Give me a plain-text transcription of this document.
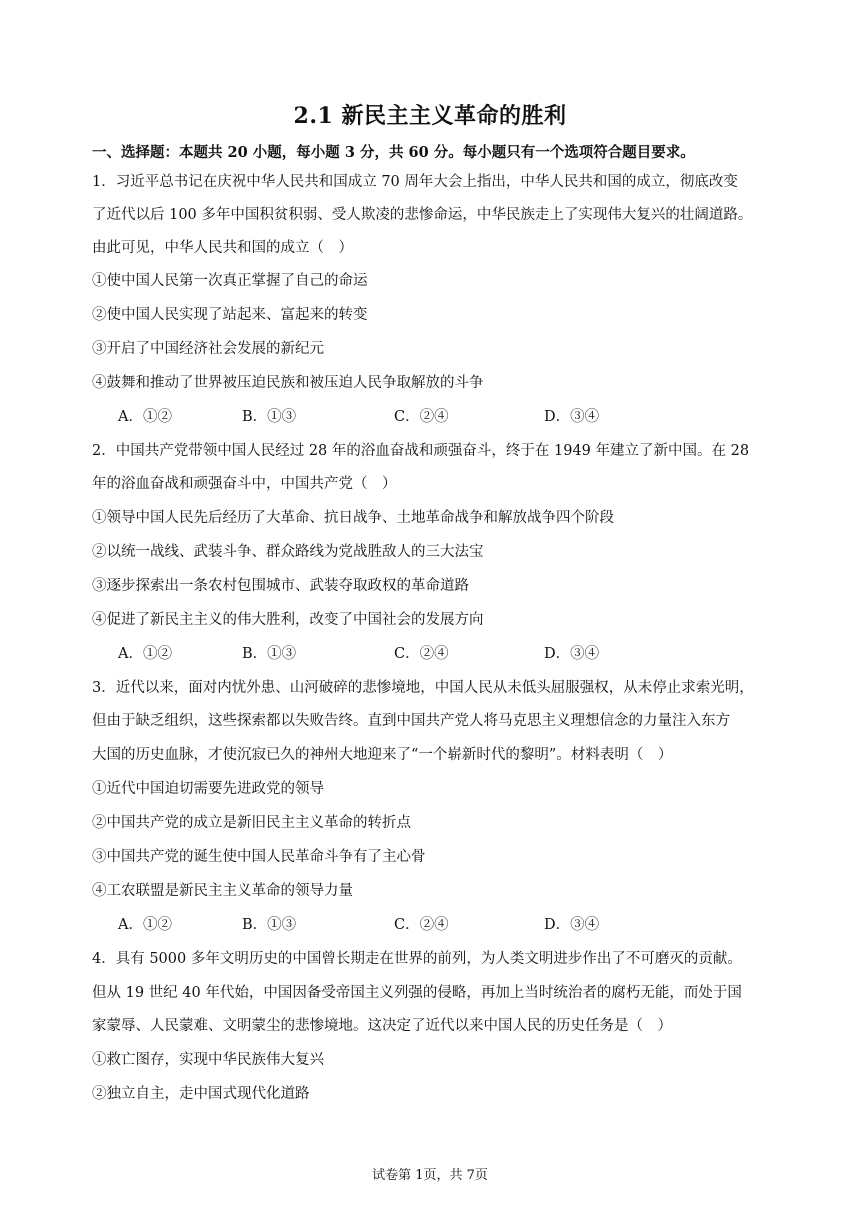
2.1 新民主主义革命的胜利
一、选择题：本题共 20 小题，每小题 3 分，共 60 分。每小题只有一个选项符合题目要求。
1．习近平总书记在庆祝中华人民共和国成立 70 周年大会上指出，中华人民共和国的成立，彻底改变
了近代以后 100 多年中国积贫积弱、受人欺凌的悲惨命运，中华民族走上了实现伟大复兴的壮阔道路。
由此可见，中华人民共和国的成立（　）
①使中国人民第一次真正掌握了自己的命运
②使中国人民实现了站起来、富起来的转变
③开启了中国经济社会发展的新纪元
④鼓舞和推动了世界被压迫民族和被压迫人民争取解放的斗争
A．①②	B．①③	C．②④	D．③④
2．中国共产党带领中国人民经过 28 年的浴血奋战和顽强奋斗，终于在 1949 年建立了新中国。在 28
年的浴血奋战和顽强奋斗中，中国共产党（　）
①领导中国人民先后经历了大革命、抗日战争、土地革命战争和解放战争四个阶段
②以统一战线、武装斗争、群众路线为党战胜敌人的三大法宝
③逐步探索出一条农村包围城市、武装夺取政权的革命道路
④促进了新民主主义的伟大胜利，改变了中国社会的发展方向
A．①②	B．①③	C．②④	D．③④
3．近代以来，面对内忧外患、山河破碎的悲惨境地，中国人民从未低头屈服强权，从未停止求索光明，
但由于缺乏组织，这些探索都以失败告终。直到中国共产党人将马克思主义理想信念的力量注入东方
大国的历史血脉，才使沉寂已久的神州大地迎来了“一个崭新时代的黎明”。材料表明（　）
①近代中国迫切需要先进政党的领导
②中国共产党的成立是新旧民主主义革命的转折点
③中国共产党的诞生使中国人民革命斗争有了主心骨
④工农联盟是新民主主义革命的领导力量
A．①②	B．①③	C．②④	D．③④
4．具有 5000 多年文明历史的中国曾长期走在世界的前列，为人类文明进步作出了不可磨灭的贡献。
但从 19 世纪 40 年代始，中国因备受帝国主义列强的侵略，再加上当时统治者的腐朽无能，而处于国
家蒙辱、人民蒙难、文明蒙尘的悲惨境地。这决定了近代以来中国人民的历史任务是（　）
①救亡图存，实现中华民族伟大复兴
②独立自主，走中国式现代化道路
试卷第 1页，共 7页
